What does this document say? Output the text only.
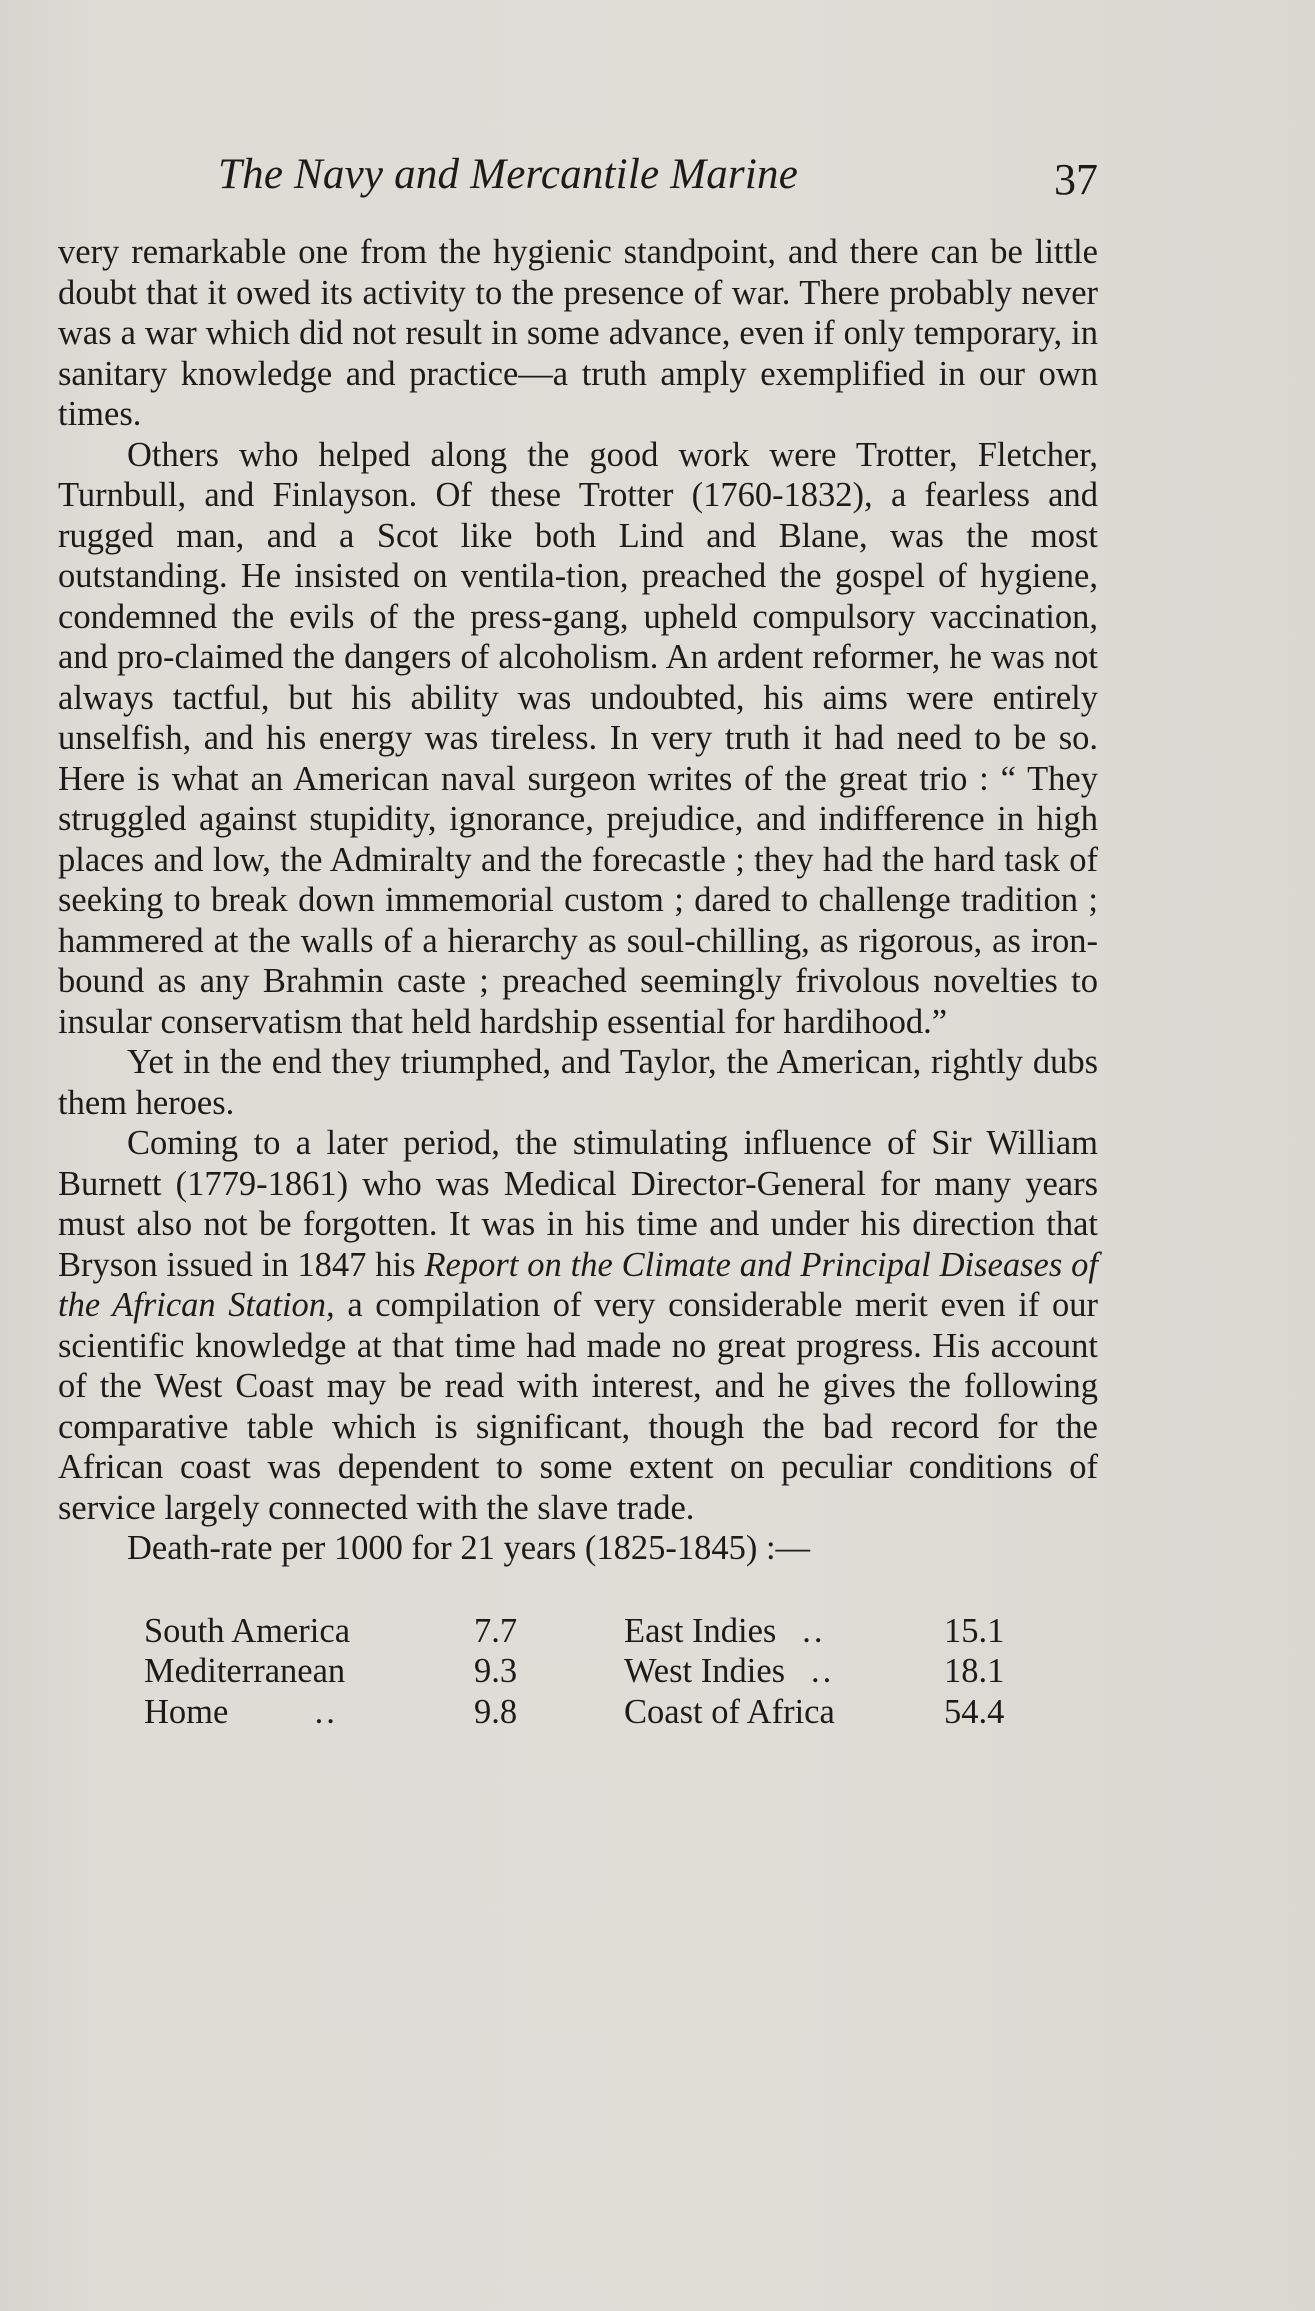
The Navy and Mercantile Marine	37

very remarkable one from the hygienic standpoint, and there can be little doubt that it owed its activity to the presence of war. There probably never was a war which did not result in some advance, even if only temporary, in sanitary knowledge and practice—a truth amply exemplified in our own times.

Others who helped along the good work were Trotter, Fletcher, Turnbull, and Finlayson. Of these Trotter (1760-1832), a fearless and rugged man, and a Scot like both Lind and Blane, was the most outstanding. He insisted on ventila-tion, preached the gospel of hygiene, condemned the evils of the press-gang, upheld compulsory vaccination, and pro-claimed the dangers of alcoholism. An ardent reformer, he was not always tactful, but his ability was undoubted, his aims were entirely unselfish, and his energy was tireless. In very truth it had need to be so. Here is what an American naval surgeon writes of the great trio : “ They struggled against stupidity, ignorance, prejudice, and indifference in high places and low, the Admiralty and the forecastle ; they had the hard task of seeking to break down immemorial custom ; dared to challenge tradition ; hammered at the walls of a hierarchy as soul-chilling, as rigorous, as iron-bound as any Brahmin caste ; preached seemingly frivolous novelties to insular conservatism that held hardship essential for hardihood.”

Yet in the end they triumphed, and Taylor, the American, rightly dubs them heroes.

Coming to a later period, the stimulating influence of Sir William Burnett (1779-1861) who was Medical Director-General for many years must also not be forgotten. It was in his time and under his direction that Bryson issued in 1847 his Report on the Climate and Principal Diseases of the African Station, a compilation of very considerable merit even if our scientific knowledge at that time had made no great progress. His account of the West Coast may be read with interest, and he gives the following comparative table which is significant, though the bad record for the African coast was dependent to some extent on peculiar conditions of service largely connected with the slave trade.

Death-rate per 1000 for 21 years (1825-1845) :—

South America	7.7	East Indies ..	15.1
Mediterranean	9.3	West Indies ..	18.1
Home ..	9.8	Coast of Africa	54.4
